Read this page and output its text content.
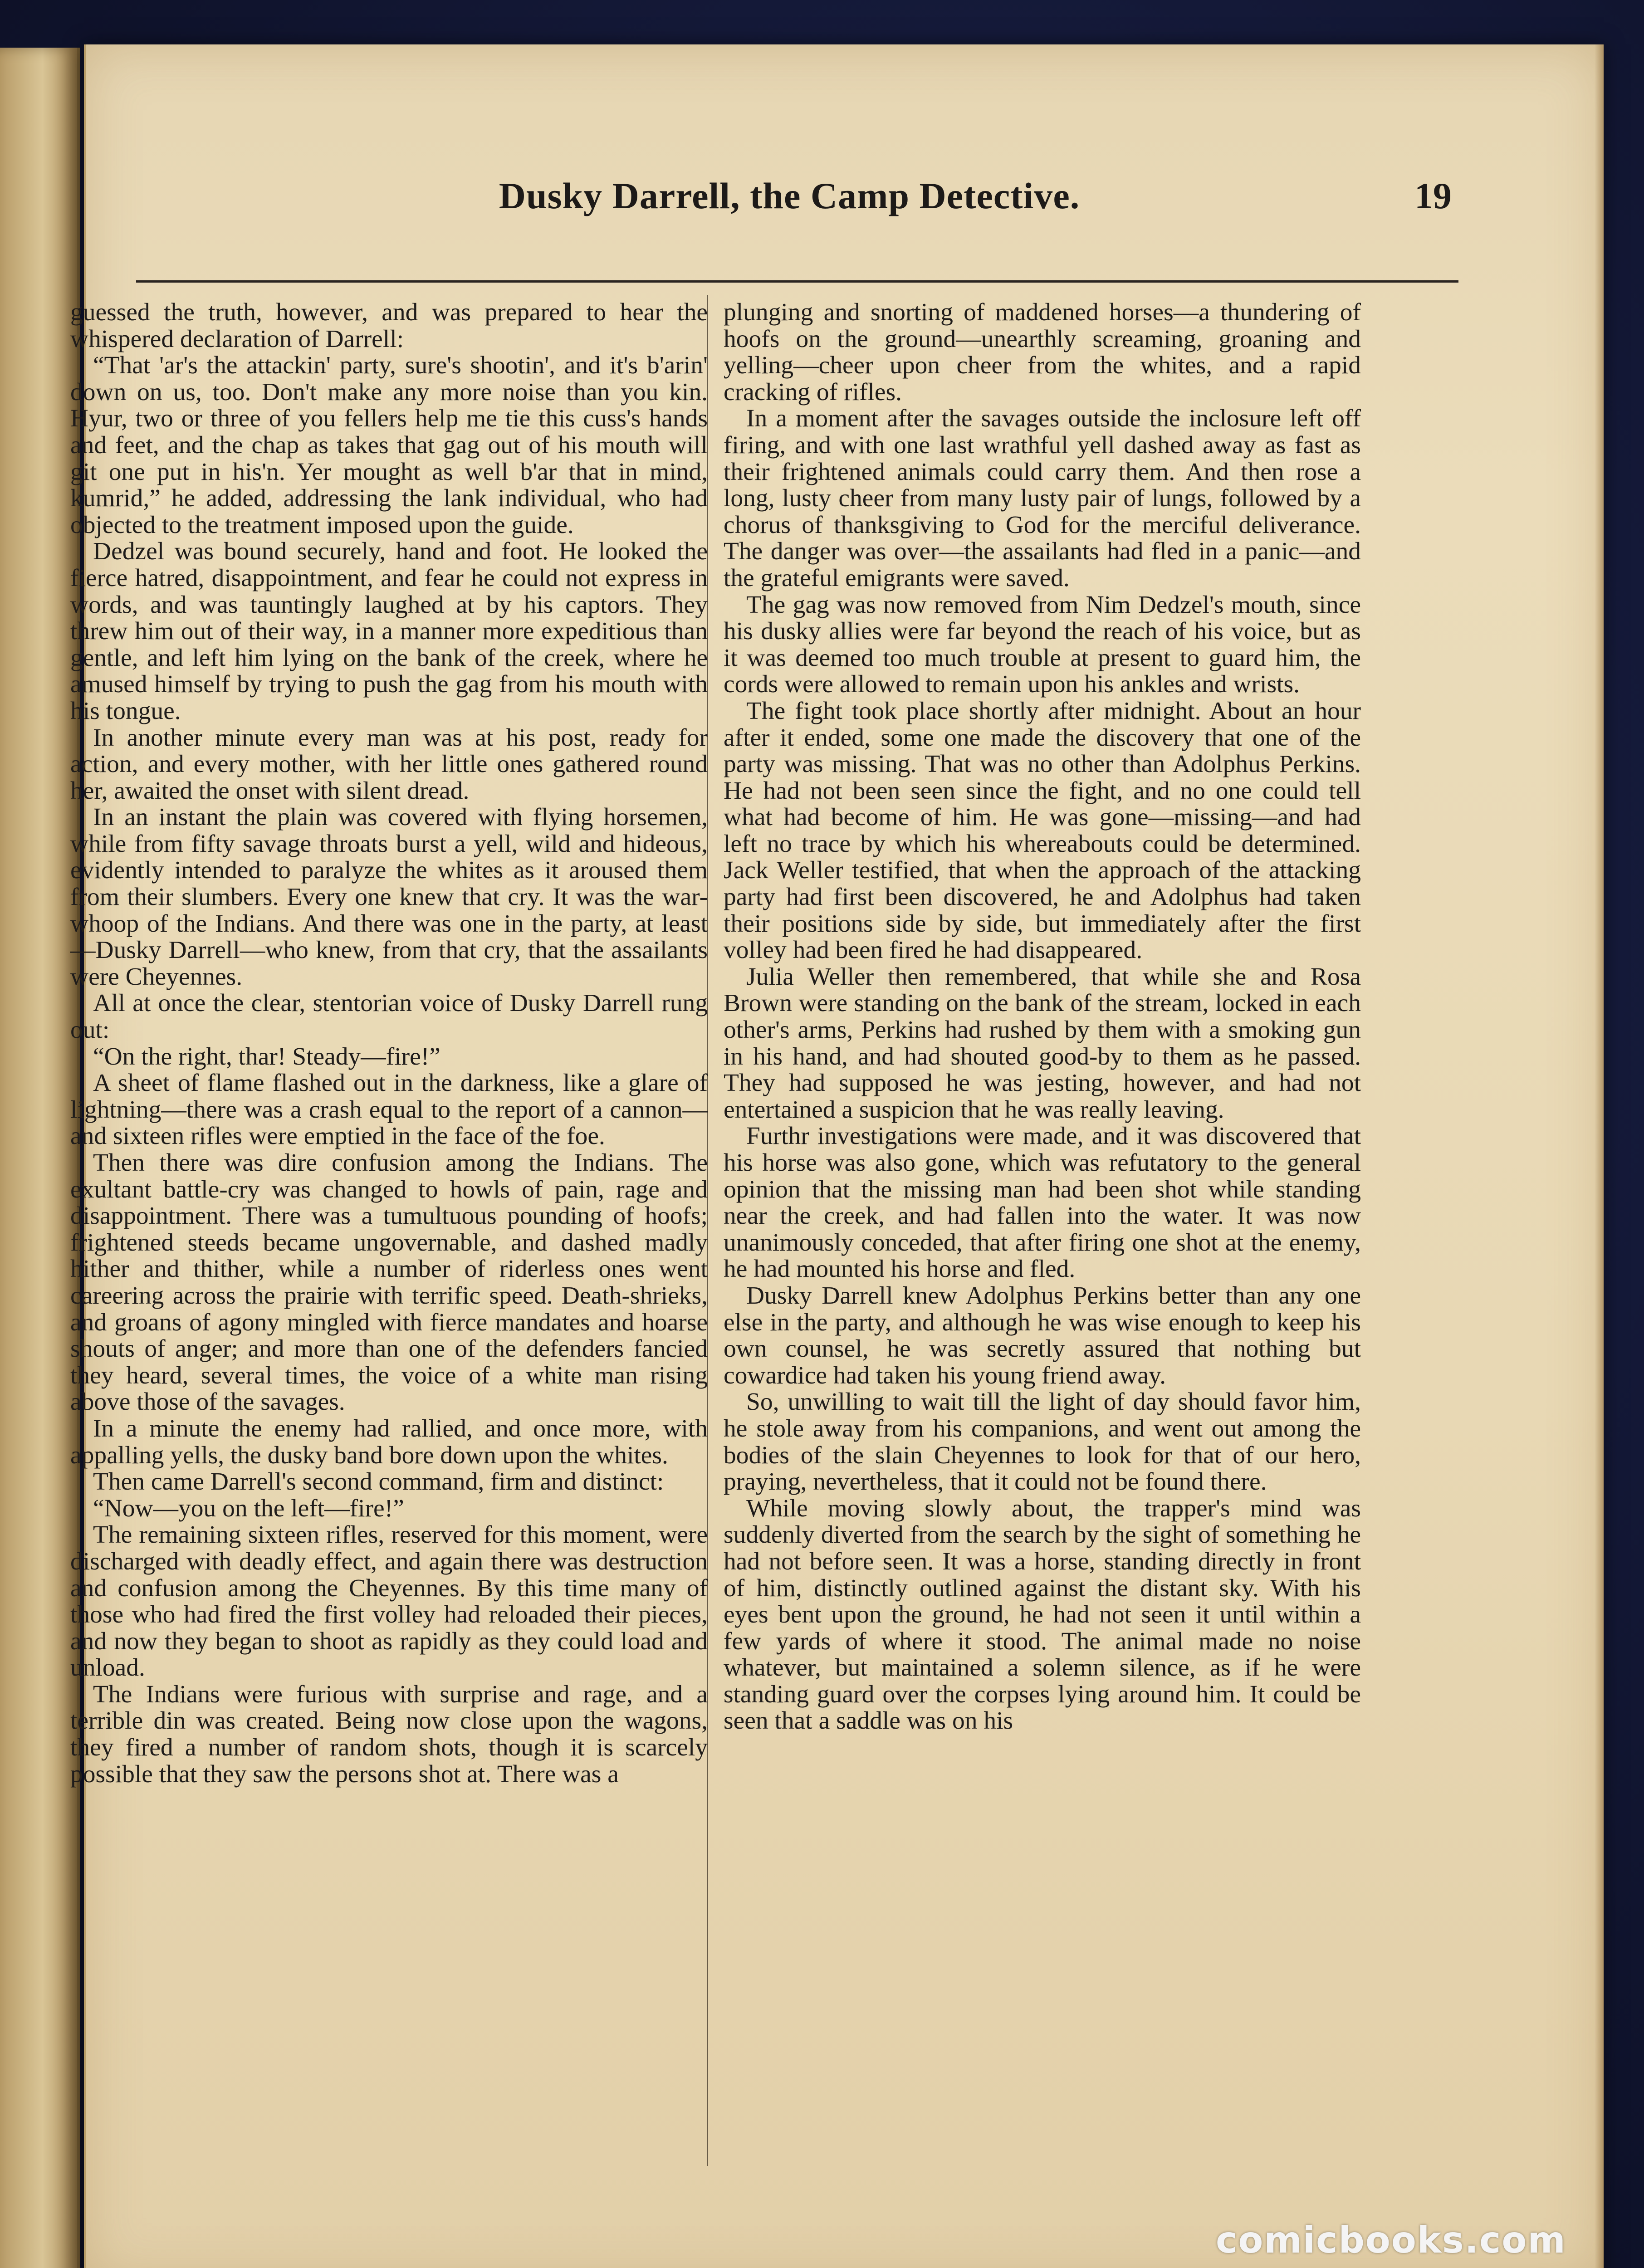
Dusky Darrell, the Camp Detective.	19

guessed the truth, however, and was prepared to hear the whispered declaration of Darrell:

“That 'ar's the attackin' party, sure's shootin', and it's b'arin' down on us, too. Don't make any more noise than you kin. Hyur, two or three of you fellers help me tie this cuss's hands and feet, and the chap as takes that gag out of his mouth will git one put in his'n. Yer mought as well b'ar that in mind, kumrid,” he added, addressing the lank individual, who had objected to the treatment imposed upon the guide.

Dedzel was bound securely, hand and foot. He looked the fierce hatred, disappointment, and fear he could not express in words, and was tauntingly laughed at by his captors. They threw him out of their way, in a manner more expeditious than gentle, and left him lying on the bank of the creek, where he amused himself by trying to push the gag from his mouth with his tongue.

In another minute every man was at his post, ready for action, and every mother, with her little ones gathered round her, awaited the onset with silent dread.

In an instant the plain was covered with flying horsemen, while from fifty savage throats burst a yell, wild and hideous, evidently intended to paralyze the whites as it aroused them from their slumbers. Every one knew that cry. It was the war-whoop of the Indians. And there was one in the party, at least—Dusky Darrell—who knew, from that cry, that the assailants were Cheyennes.

All at once the clear, stentorian voice of Dusky Darrell rung out:

“On the right, thar! Steady—fire!”

A sheet of flame flashed out in the darkness, like a glare of lightning—there was a crash equal to the report of a cannon—and sixteen rifles were emptied in the face of the foe.

Then there was dire confusion among the Indians. The exultant battle-cry was changed to howls of pain, rage and disappointment. There was a tumultuous pounding of hoofs; frightened steeds became ungovernable, and dashed madly hither and thither, while a number of riderless ones went careering across the prairie with terrific speed. Death-shrieks, and groans of agony mingled with fierce mandates and hoarse shouts of anger; and more than one of the defenders fancied they heard, several times, the voice of a white man rising above those of the savages.

In a minute the enemy had rallied, and once more, with appalling yells, the dusky band bore down upon the whites.

Then came Darrell's second command, firm and distinct:

“Now—you on the left—fire!”

The remaining sixteen rifles, reserved for this moment, were discharged with deadly effect, and again there was destruction and confusion among the Cheyennes. By this time many of those who had fired the first volley had reloaded their pieces, and now they began to shoot as rapidly as they could load and unload.

The Indians were furious with surprise and rage, and a terrible din was created. Being now close upon the wagons, they fired a number of random shots, though it is scarcely possible that they saw the persons shot at. There was a

plunging and snorting of maddened horses—a thundering of hoofs on the ground—unearthly screaming, groaning and yelling—cheer upon cheer from the whites, and a rapid cracking of rifles.

In a moment after the savages outside the inclosure left off firing, and with one last wrathful yell dashed away as fast as their frightened animals could carry them. And then rose a long, lusty cheer from many lusty pair of lungs, followed by a chorus of thanksgiving to God for the merciful deliverance. The danger was over—the assailants had fled in a panic—and the grateful emigrants were saved.

The gag was now removed from Nim Dedzel's mouth, since his dusky allies were far beyond the reach of his voice, but as it was deemed too much trouble at present to guard him, the cords were allowed to remain upon his ankles and wrists.

The fight took place shortly after midnight. About an hour after it ended, some one made the discovery that one of the party was missing. That was no other than Adolphus Perkins. He had not been seen since the fight, and no one could tell what had become of him. He was gone—missing—and had left no trace by which his whereabouts could be determined. Jack Weller testified, that when the approach of the attacking party had first been discovered, he and Adolphus had taken their positions side by side, but immediately after the first volley had been fired he had disappeared.

Julia Weller then remembered, that while she and Rosa Brown were standing on the bank of the stream, locked in each other's arms, Perkins had rushed by them with a smoking gun in his hand, and had shouted good-by to them as he passed. They had supposed he was jesting, however, and had not entertained a suspicion that he was really leaving.

Furthr investigations were made, and it was discovered that his horse was also gone, which was refutatory to the general opinion that the missing man had been shot while standing near the creek, and had fallen into the water. It was now unanimously conceded, that after firing one shot at the enemy, he had mounted his horse and fled.

Dusky Darrell knew Adolphus Perkins better than any one else in the party, and although he was wise enough to keep his own counsel, he was secretly assured that nothing but cowardice had taken his young friend away.

So, unwilling to wait till the light of day should favor him, he stole away from his companions, and went out among the bodies of the slain Cheyennes to look for that of our hero, praying, nevertheless, that it could not be found there.

While moving slowly about, the trapper's mind was suddenly diverted from the search by the sight of something he had not before seen. It was a horse, standing directly in front of him, distinctly outlined against the distant sky. With his eyes bent upon the ground, he had not seen it until within a few yards of where it stood. The animal made no noise whatever, but maintained a solemn silence, as if he were standing guard over the corpses lying around him. It could be seen that a saddle was on his

comicbooks.com
